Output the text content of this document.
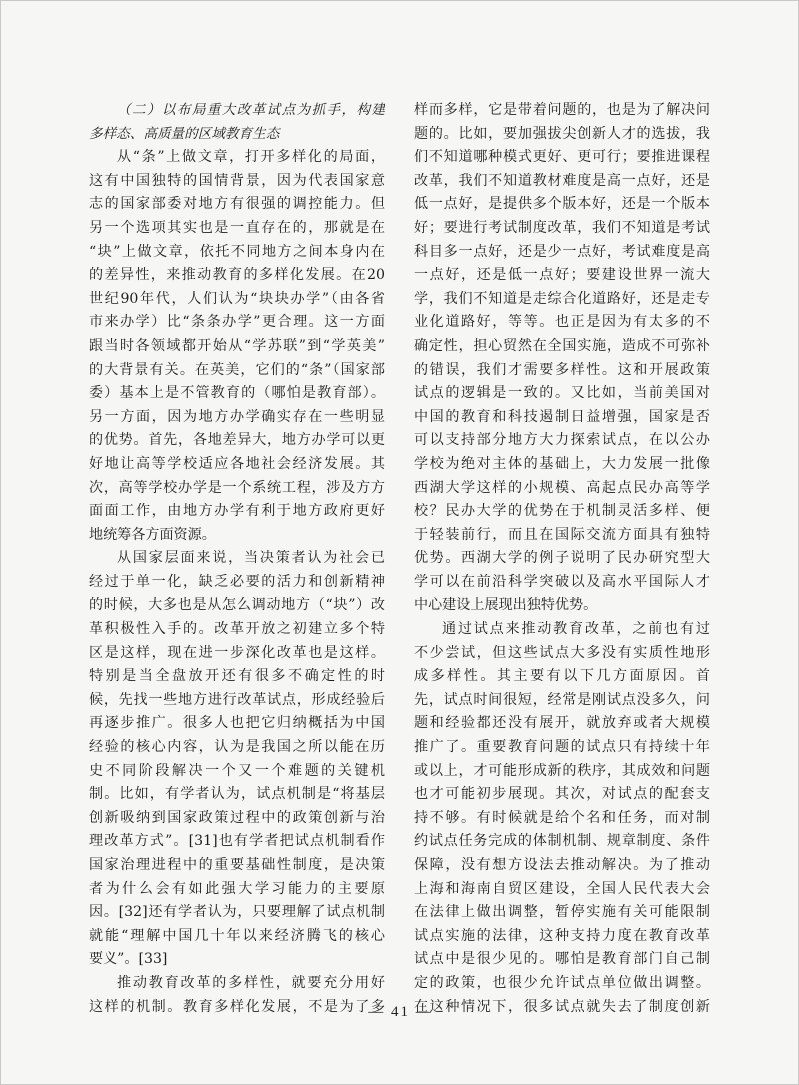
（二）以布局重大改革试点为抓手，构建
多样态、高质量的区域教育生态
从“条”上做文章，打开多样化的局面，
这有中国独特的国情背景，因为代表国家意
志的国家部委对地方有很强的调控能力。但
另一个选项其实也是一直存在的，那就是在
“块”上做文章，依托不同地方之间本身内在
的差异性，来推动教育的多样化发展。在20
世纪90年代，人们认为“块块办学”（由各省
市来办学）比“条条办学”更合理。这一方面
跟当时各领域都开始从“学苏联”到“学英美”
的大背景有关。在英美，它们的“条”（国家部
委）基本上是不管教育的（哪怕是教育部）。
另一方面，因为地方办学确实存在一些明显
的优势。首先，各地差异大，地方办学可以更
好地让高等学校适应各地社会经济发展。其
次，高等学校办学是一个系统工程，涉及方方
面面工作，由地方办学有利于地方政府更好
地统筹各方面资源。
从国家层面来说，当决策者认为社会已
经过于单一化，缺乏必要的活力和创新精神
的时候，大多也是从怎么调动地方（“块”）改
革积极性入手的。改革开放之初建立多个特
区是这样，现在进一步深化改革也是这样。
特别是当全盘放开还有很多不确定性的时
候，先找一些地方进行改革试点，形成经验后
再逐步推广。很多人也把它归纳概括为中国
经验的核心内容，认为是我国之所以能在历
史不同阶段解决一个又一个难题的关键机
制。比如，有学者认为，试点机制是“将基层
创新吸纳到国家政策过程中的政策创新与治
理改革方式”。[31]也有学者把试点机制看作
国家治理进程中的重要基础性制度，是决策
者为什么会有如此强大学习能力的主要原
因。[32]还有学者认为，只要理解了试点机制
就能“理解中国几十年以来经济腾飞的核心
要义”。[33]
推动教育改革的多样性，就要充分用好
这样的机制。教育多样化发展，不是为了多
样而多样，它是带着问题的，也是为了解决问
题的。比如，要加强拔尖创新人才的选拔，我
们不知道哪种模式更好、更可行；要推进课程
改革，我们不知道教材难度是高一点好，还是
低一点好，是提供多个版本好，还是一个版本
好；要进行考试制度改革，我们不知道是考试
科目多一点好，还是少一点好，考试难度是高
一点好，还是低一点好；要建设世界一流大
学，我们不知道是走综合化道路好，还是走专
业化道路好，等等。也正是因为有太多的不
确定性，担心贸然在全国实施，造成不可弥补
的错误，我们才需要多样性。这和开展政策
试点的逻辑是一致的。又比如，当前美国对
中国的教育和科技遏制日益增强，国家是否
可以支持部分地方大力探索试点，在以公办
学校为绝对主体的基础上，大力发展一批像
西湖大学这样的小规模、高起点民办高等学
校？民办大学的优势在于机制灵活多样、便
于轻装前行，而且在国际交流方面具有独特
优势。西湖大学的例子说明了民办研究型大
学可以在前沿科学突破以及高水平国际人才
中心建设上展现出独特优势。
通过试点来推动教育改革，之前也有过
不少尝试，但这些试点大多没有实质性地形
成多样性。其主要有以下几方面原因。首
先，试点时间很短，经常是刚试点没多久，问
题和经验都还没有展开，就放弃或者大规模
推广了。重要教育问题的试点只有持续十年
或以上，才可能形成新的秩序，其成效和问题
也才可能初步展现。其次，对试点的配套支
持不够。有时候就是给个名和任务，而对制
约试点任务完成的体制机制、规章制度、条件
保障，没有想方设法去推动解决。为了推动
上海和海南自贸区建设，全国人民代表大会
在法律上做出调整，暂停实施有关可能限制
试点实施的法律，这种支持力度在教育改革
试点中是很少见的。哪怕是教育部门自己制
定的政策，也很少允许试点单位做出调整。
在这种情况下，很多试点就失去了制度创新
— 41 —
